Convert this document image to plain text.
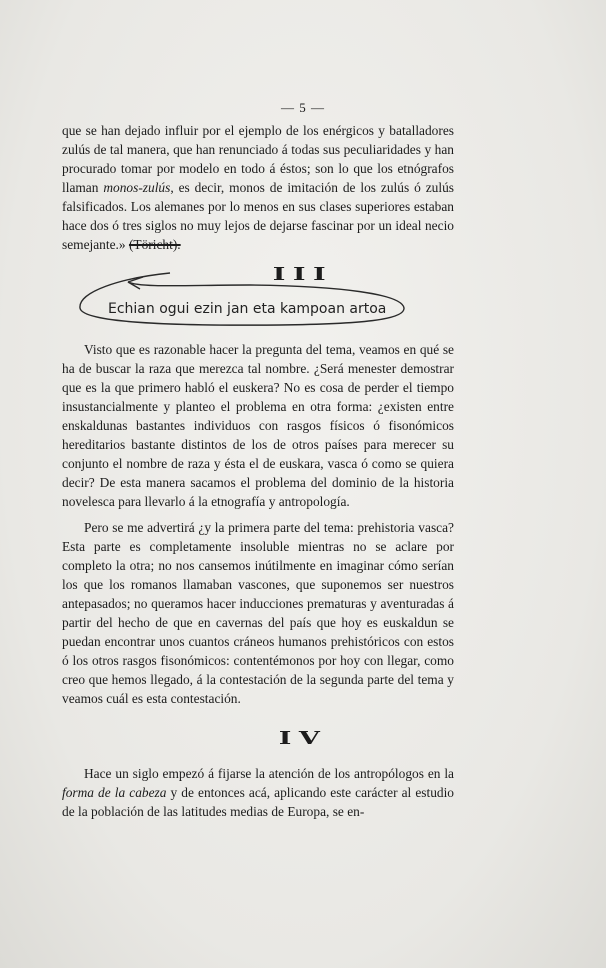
— 5 —

que se han dejado influir por el ejemplo de los enérgicos y batalladores zulús de tal manera, que han renunciado á todas sus peculiaridades y han procurado tomar por modelo en todo á éstos; son lo que los etnógrafos llaman monos-zulús, es decir, monos de imitación de los zulús ó zulús falsificados. Los alemanes por lo menos en sus clases superiores estaban hace dos ó tres siglos no muy lejos de dejarse fascinar por un ideal necio semejante.» (Töricht).

III
Echian ogui ezin jan eta kampoan artoa

Visto que es razonable hacer la pregunta del tema, veamos en qué se ha de buscar la raza que merezca tal nombre. ¿Será menester demostrar que es la que primero habló el euskera? No es cosa de perder el tiempo insustancialmente y planteo el problema en otra forma: ¿existen entre enskaldunas bastantes individuos con rasgos físicos ó fisonómicos hereditarios bastante distintos de los de otros países para merecer su conjunto el nombre de raza y ésta el de euskara, vasca ó como se quiera decir? De esta manera sacamos el problema del dominio de la historia novelesca para llevarlo á la etnografía y antropología.

Pero se me advertirá ¿y la primera parte del tema: prehistoria vasca? Esta parte es completamente insoluble mientras no se aclare por completo la otra; no nos cansemos inútilmente en imaginar cómo serían los que los romanos llamaban vascones, que suponemos ser nuestros antepasados; no queramos hacer inducciones prematuras y aventuradas á partir del hecho de que en cavernas del país que hoy es euskaldun se puedan encontrar unos cuantos cráneos humanos prehistóricos con estos ó los otros rasgos fisonómicos: contentémonos por hoy con llegar, como creo que hemos llegado, á la contestación de la segunda parte del tema y veamos cuál es esta contestación.

IV

Hace un siglo empezó á fijarse la atención de los antropólogos en la forma de la cabeza y de entonces acá, aplicando este carácter al estudio de la población de las latitudes medias de Europa, se en-
